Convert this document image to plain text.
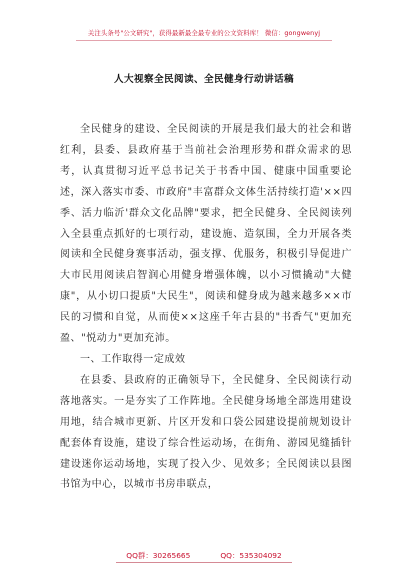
关注头条号"公文研究"，获得最新最全最专业的公文资料库！ 微信：gongwenyj
人大视察全民阅读、全民健身行动讲话稿

全民健身的建设、全民阅读的开展是我们最大的社会和谐红利，县委、县政府基于当前社会治理形势和群众需求的思考，认真贯彻习近平总书记关于书香中国、健康中国重要论述，深入落实市委、市政府"丰富群众文体生活持续打造'××四季、活力临沂'群众文化品牌"要求，把全民健身、全民阅读列入全县重点抓好的七项行动，建设施、造氛围，全力开展各类阅读和全民健身赛事活动，强支撑、优服务，积极引导促进广大市民用阅读启智润心用健身增强体魄，以小习惯撬动"大健康"，从小切口提质"大民生"，阅读和健身成为越来越多××市民的习惯和自觉，从而使××这座千年古县的"书香气"更加充盈、"悦动力"更加充沛。

一、工作取得一定成效

在县委、县政府的正确领导下，全民健身、全民阅读行动落地落实。一是夯实了工作阵地。全民健身场地全部选用建设用地，结合城市更新、片区开发和口袋公园建设提前规划设计配套体育设施，建设了综合性运动场，在街角、游园见缝插针建设迷你运动场地，实现了投入少、见效多；全民阅读以县图书馆为中心，以城市书房串联点，

QQ群：30265665	QQ：535304092
